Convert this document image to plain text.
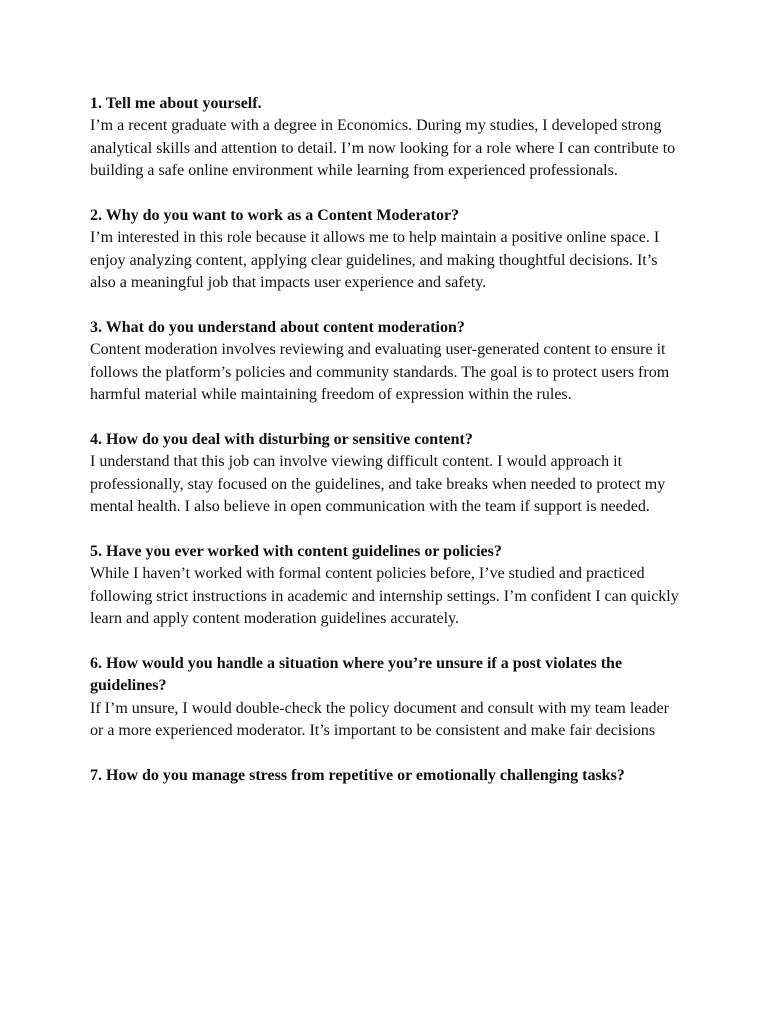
1. Tell me about yourself.

I’m a recent graduate with a degree in Economics. During my studies, I developed strong analytical skills and attention to detail. I’m now looking for a role where I can contribute to building a safe online environment while learning from experienced professionals.

2. Why do you want to work as a Content Moderator?

I’m interested in this role because it allows me to help maintain a positive online space. I enjoy analyzing content, applying clear guidelines, and making thoughtful decisions. It’s also a meaningful job that impacts user experience and safety.

3. What do you understand about content moderation?

Content moderation involves reviewing and evaluating user-generated content to ensure it follows the platform’s policies and community standards. The goal is to protect users from harmful material while maintaining freedom of expression within the rules.

4. How do you deal with disturbing or sensitive content?

I understand that this job can involve viewing difficult content. I would approach it professionally, stay focused on the guidelines, and take breaks when needed to protect my mental health. I also believe in open communication with the team if support is needed.

5. Have you ever worked with content guidelines or policies?

While I haven’t worked with formal content policies before, I’ve studied and practiced following strict instructions in academic and internship settings. I’m confident I can quickly learn and apply content moderation guidelines accurately.

6. How would you handle a situation where you’re unsure if a post violates the guidelines?

If I’m unsure, I would double-check the policy document and consult with my team leader or a more experienced moderator. It’s important to be consistent and make fair decisions

7. How do you manage stress from repetitive or emotionally challenging tasks?
